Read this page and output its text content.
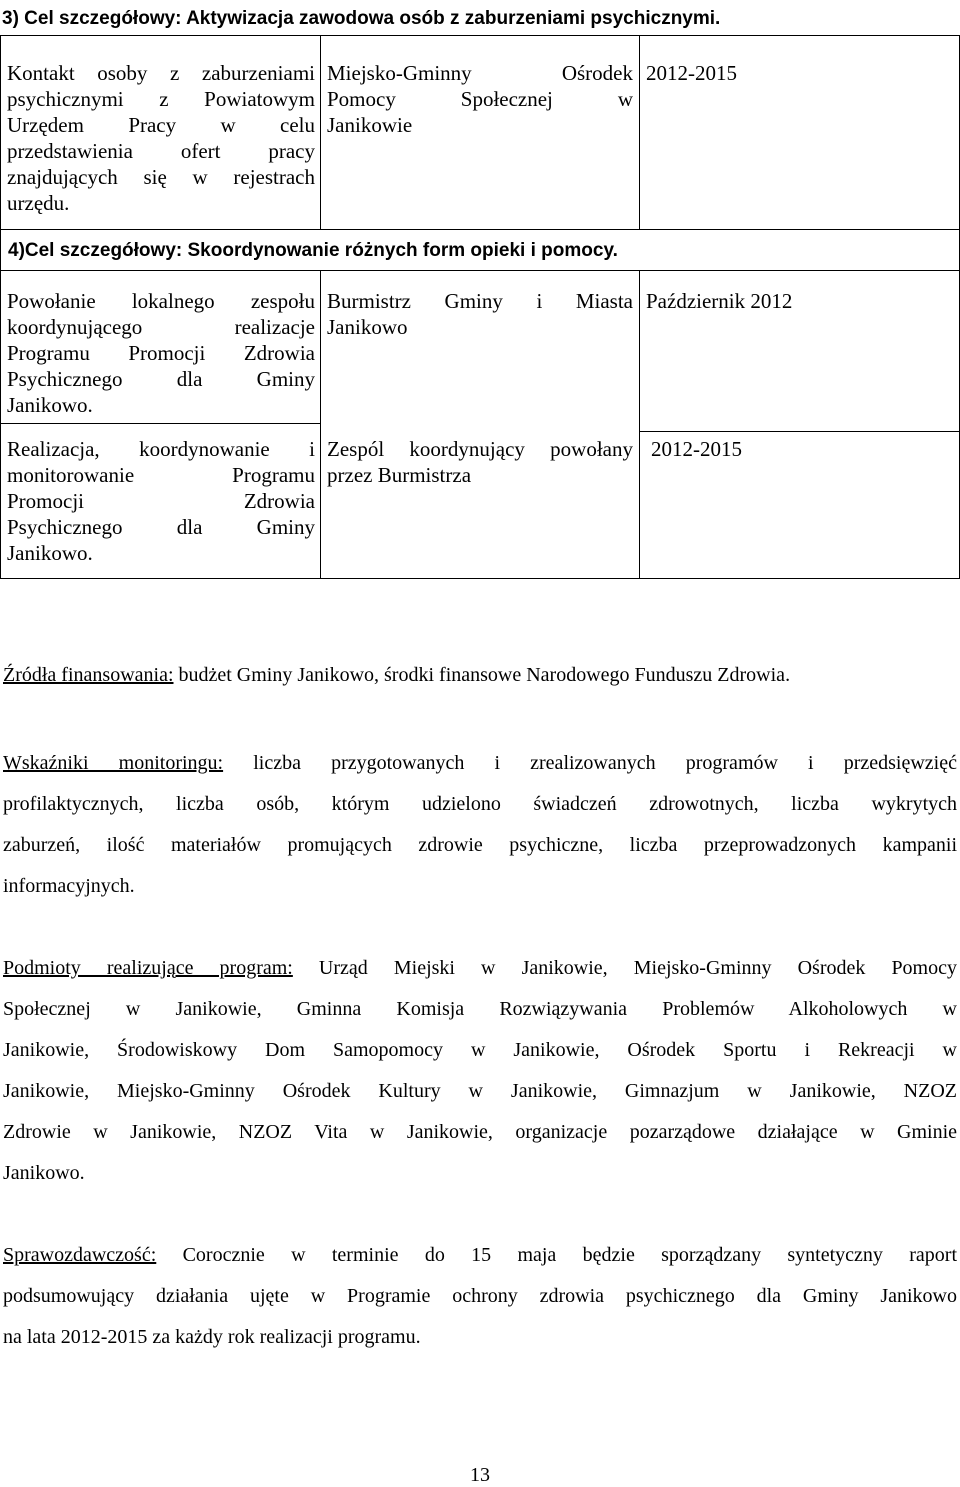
3) Cel szczegółowy: Aktywizacja zawodowa osób z zaburzeniami psychicznymi.
Kontakt osoby z zaburzeniami
psychicznymi z Powiatowym
Urzędem Pracy w celu
przedstawienia ofert pracy
znajdujących się w rejestrach
urzędu.
Miejsko-Gminny Ośrodek
Pomocy Społecznej w
Janikowie
2012-2015
4)Cel szczegółowy: Skoordynowanie różnych form opieki i pomocy.
Powołanie lokalnego zespołu
koordynującego realizacje
Programu Promocji Zdrowia
Psychicznego dla Gminy
Janikowo.
Burmistrz Gminy i Miasta
Janikowo
Październik 2012
Realizacja, koordynowanie i
monitorowanie Programu
Promocji Zdrowia
Psychicznego dla Gminy
Janikowo.
Zespól koordynujący powołany
przez Burmistrza
2012-2015
Źródła finansowania: budżet Gminy Janikowo, środki finansowe Narodowego Funduszu Zdrowia.
Wskaźniki monitoringu: liczba przygotowanych i zrealizowanych programów i przedsięwzięć
profilaktycznych, liczba osób, którym udzielono świadczeń zdrowotnych, liczba wykrytych
zaburzeń, ilość materiałów promujących zdrowie psychiczne, liczba przeprowadzonych kampanii
informacyjnych.
Podmioty realizujące program: Urząd Miejski w Janikowie, Miejsko-Gminny Ośrodek Pomocy
Społecznej w Janikowie, Gminna Komisja Rozwiązywania Problemów Alkoholowych w
Janikowie, Środowiskowy Dom Samopomocy w Janikowie, Ośrodek Sportu i Rekreacji w
Janikowie, Miejsko-Gminny Ośrodek Kultury w Janikowie, Gimnazjum w Janikowie, NZOZ
Zdrowie w Janikowie, NZOZ Vita w Janikowie, organizacje pozarządowe działające w Gminie
Janikowo.
Sprawozdawczość: Corocznie w terminie do 15 maja będzie sporządzany syntetyczny raport
podsumowujący działania ujęte w Programie ochrony zdrowia psychicznego dla Gminy Janikowo
na lata 2012-2015 za każdy rok realizacji programu.
13
